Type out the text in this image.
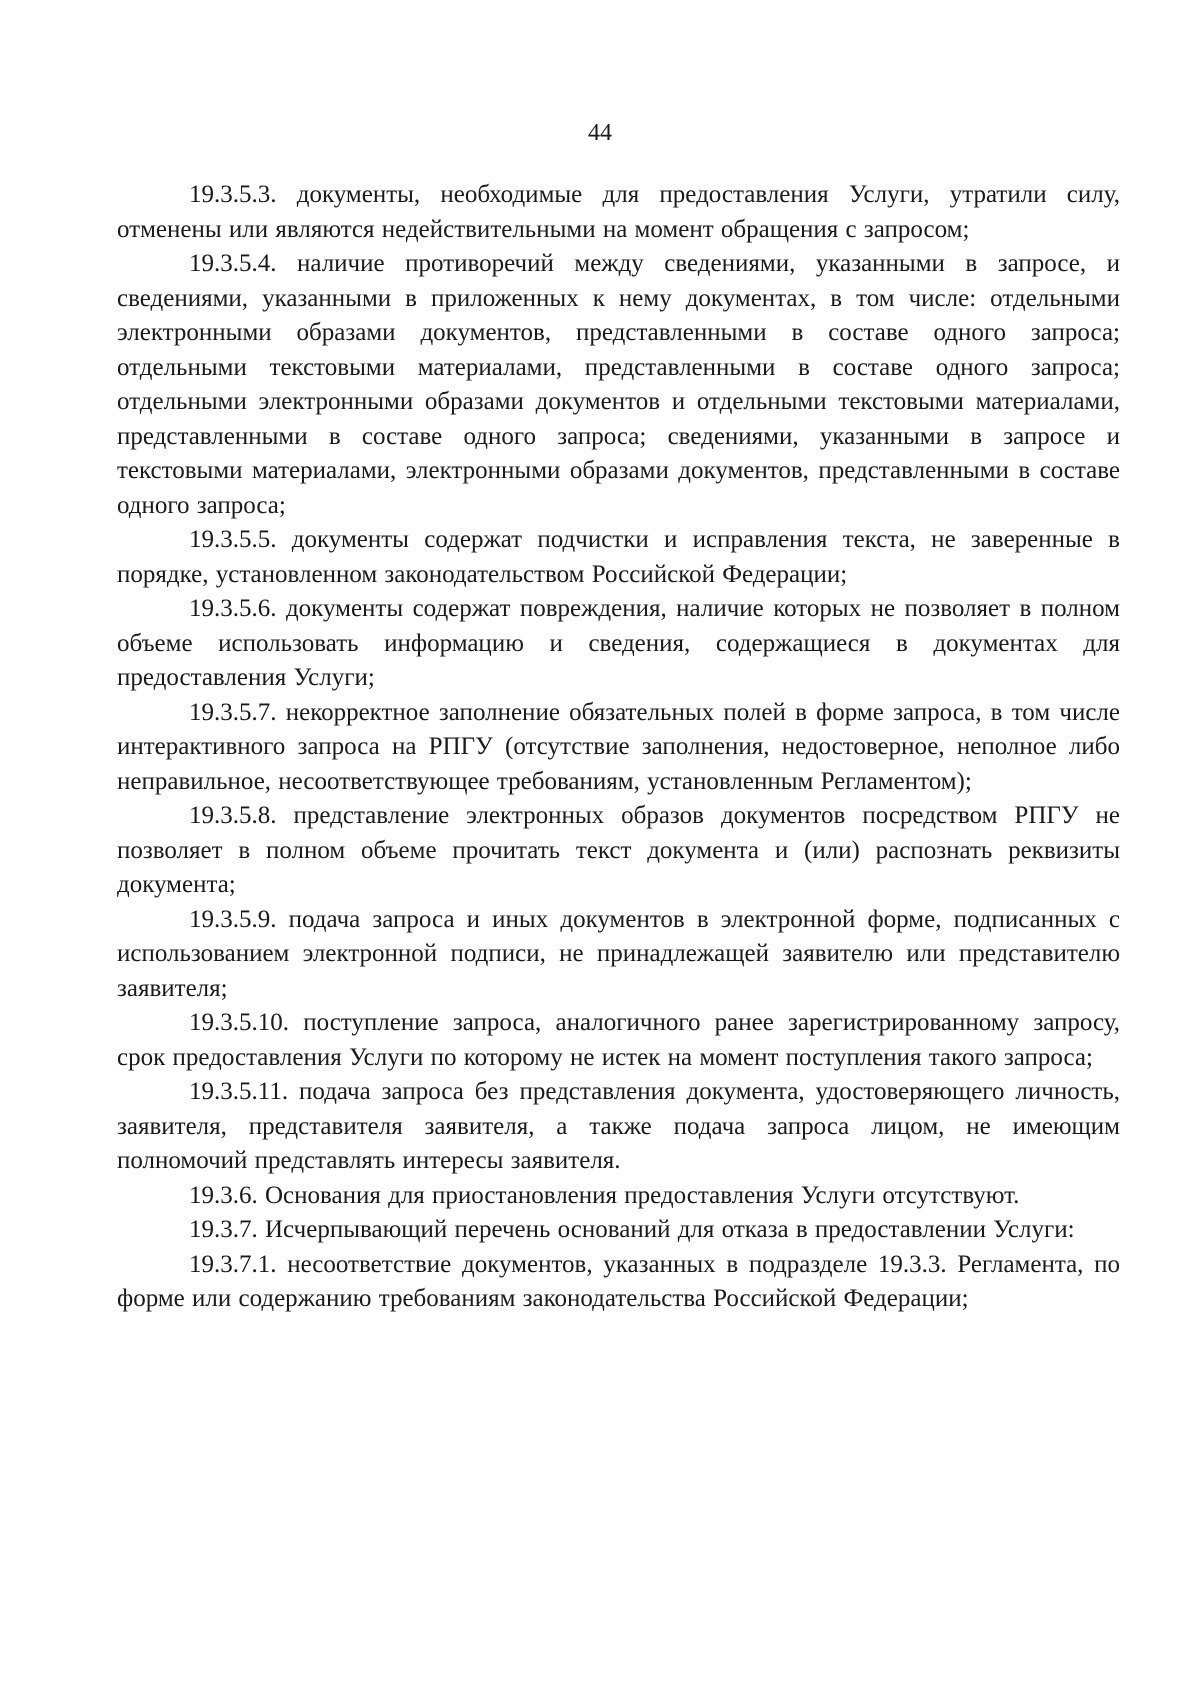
44

19.3.5.3. документы, необходимые для предоставления Услуги, утратили силу, отменены или являются недействительными на момент обращения с запросом;

19.3.5.4. наличие противоречий между сведениями, указанными в запросе, и сведениями, указанными в приложенных к нему документах, в том числе: отдельными электронными образами документов, представленными в составе одного запроса; отдельными текстовыми материалами, представленными в составе одного запроса; отдельными электронными образами документов и отдельными текстовыми материалами, представленными в составе одного запроса; сведениями, указанными в запросе и текстовыми материалами, электронными образами документов, представленными в составе одного запроса;

19.3.5.5. документы содержат подчистки и исправления текста, не заверенные в порядке, установленном законодательством Российской Федерации;

19.3.5.6. документы содержат повреждения, наличие которых не позволяет в полном объеме использовать информацию и сведения, содержащиеся в документах для предоставления Услуги;

19.3.5.7. некорректное заполнение обязательных полей в форме запроса, в том числе интерактивного запроса на РПГУ (отсутствие заполнения, недостоверное, неполное либо неправильное, несоответствующее требованиям, установленным Регламентом);

19.3.5.8. представление электронных образов документов посредством РПГУ не позволяет в полном объеме прочитать текст документа и (или) распознать реквизиты документа;

19.3.5.9. подача запроса и иных документов в электронной форме, подписанных с использованием электронной подписи, не принадлежащей заявителю или представителю заявителя;

19.3.5.10. поступление запроса, аналогичного ранее зарегистрированному запросу, срок предоставления Услуги по которому не истек на момент поступления такого запроса;

19.3.5.11. подача запроса без представления документа, удостоверяющего личность, заявителя, представителя заявителя, а также подача запроса лицом, не имеющим полномочий представлять интересы заявителя.

19.3.6. Основания для приостановления предоставления Услуги отсутствуют.

19.3.7. Исчерпывающий перечень оснований для отказа в предоставлении Услуги:

19.3.7.1. несоответствие документов, указанных в подразделе 19.3.3. Регламента, по форме или содержанию требованиям законодательства Российской Федерации;
